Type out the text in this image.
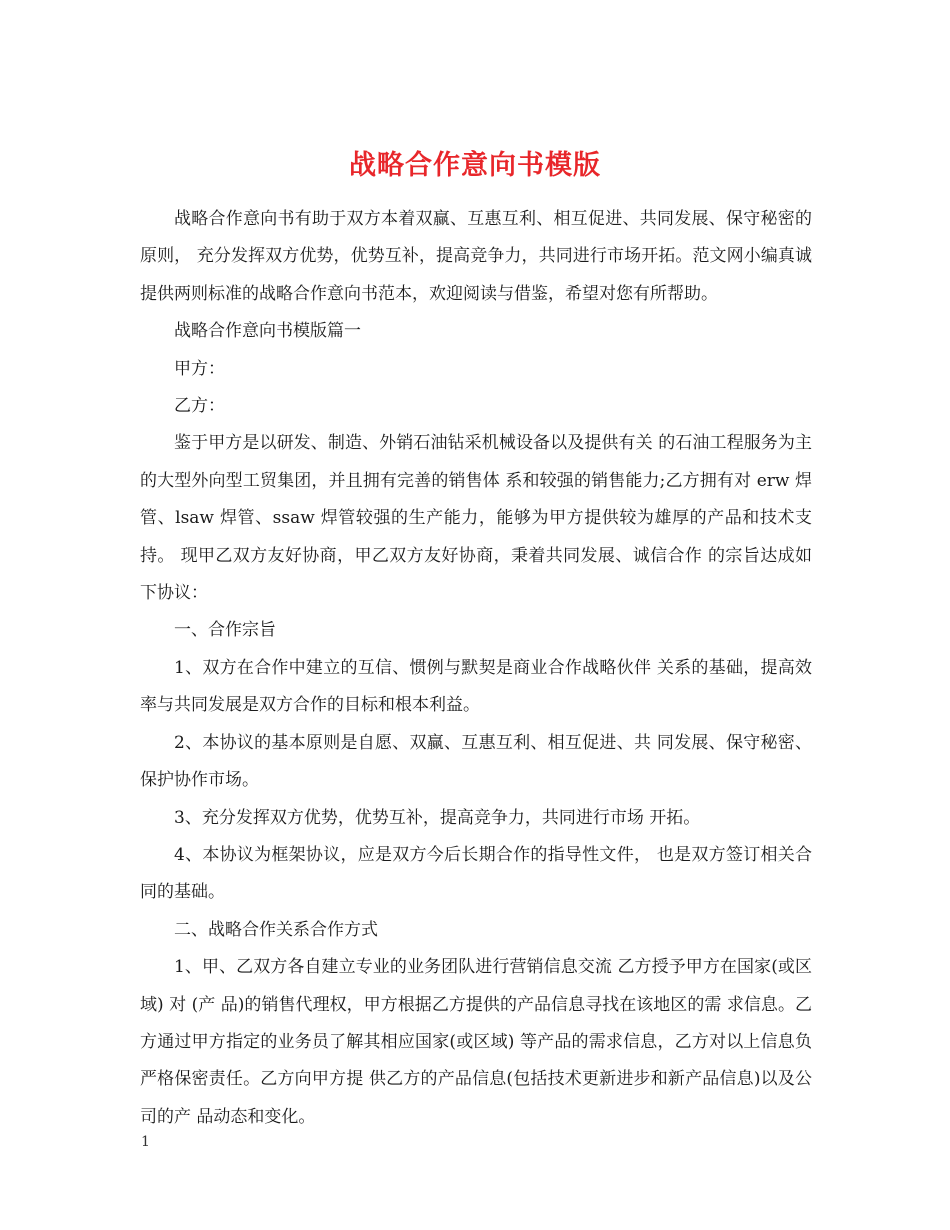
战略合作意向书模版

战略合作意向书有助于双方本着双赢、互惠互利、相互促进、共同发展、保守秘密的原则， 充分发挥双方优势，优势互补，提高竞争力，共同进行市场开拓。范文网小编真诚提供两则标准的战略合作意向书范本，欢迎阅读与借鉴，希望对您有所帮助。

战略合作意向书模版篇一

甲方：

乙方：

鉴于甲方是以研发、制造、外销石油钻采机械设备以及提供有关 的石油工程服务为主的大型外向型工贸集团，并且拥有完善的销售体 系和较强的销售能力;乙方拥有对 erw 焊管、lsaw 焊管、ssaw 焊管较强的生产能力，能够为甲方提供较为雄厚的产品和技术支持。 现甲乙双方友好协商，甲乙双方友好协商，秉着共同发展、诚信合作 的宗旨达成如下协议：

一、合作宗旨

1、双方在合作中建立的互信、惯例与默契是商业合作战略伙伴 关系的基础，提高效率与共同发展是双方合作的目标和根本利益。

2、本协议的基本原则是自愿、双赢、互惠互利、相互促进、共 同发展、保守秘密、保护协作市场。

3、充分发挥双方优势，优势互补，提高竞争力，共同进行市场 开拓。

4、本协议为框架协议，应是双方今后长期合作的指导性文件， 也是双方签订相关合同的基础。

二、战略合作关系合作方式

1、甲、乙双方各自建立专业的业务团队进行营销信息交流 乙方授予甲方在国家(或区域) 对 (产 品)的销售代理权，甲方根据乙方提供的产品信息寻找在该地区的需 求信息。乙方通过甲方指定的业务员了解其相应国家(或区域) 等产品的需求信息，乙方对以上信息负严格保密责任。乙方向甲方提 供乙方的产品信息(包括技术更新进步和新产品信息)以及公司的产 品动态和变化。

1
